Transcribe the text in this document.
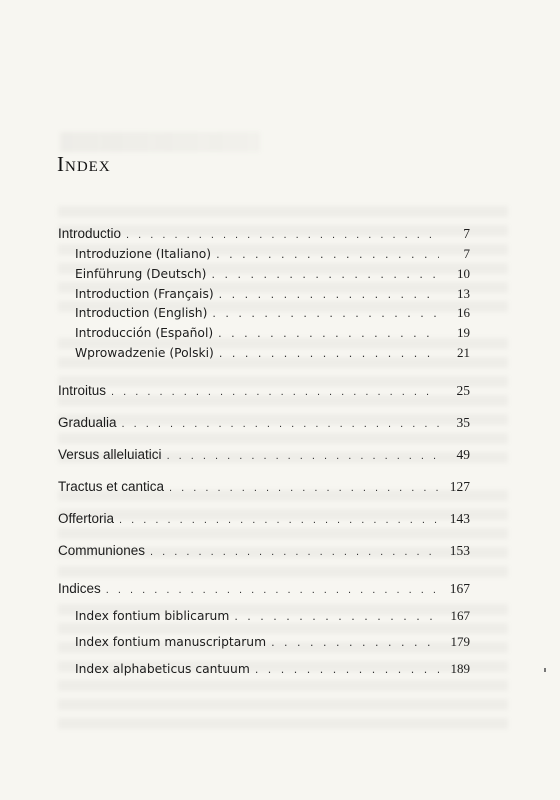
Index
Introductio . . .	7
Introduzione (Italiano) . . .	7
Einführung (Deutsch) . . .	10
Introduction (Français) . . .	13
Introduction (English) . . .	16
Introducción (Español) . . .	19
Wprowadzenie (Polski) . . .	21
Introitus . . .	25
Gradualia . . .	35
Versus alleluiatici . . .	49
Tractus et cantica . . .	127
Offertoria . . .	143
Communiones . . .	153
Indices . . .	167
Index fontium biblicarum . . .	167
Index fontium manuscriptarum . . .	179
Index alphabeticus cantuum . . .	189
